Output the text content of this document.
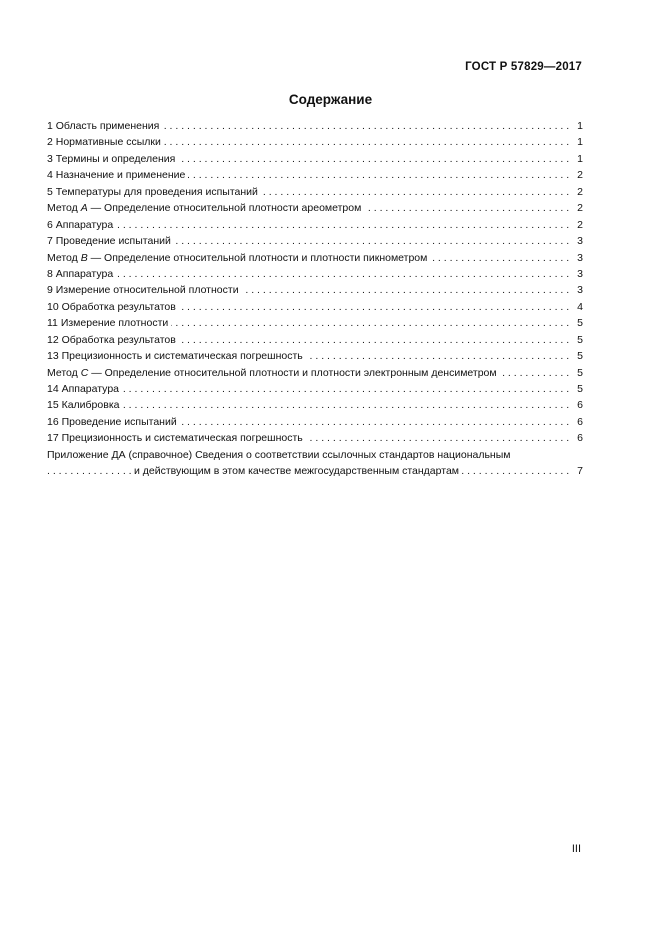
ГОСТ Р 57829—2017
Содержание
. . . 1 Область применения	1
. . . 2 Нормативные ссылки	1
. . . 3 Термины и определения	1
. . . 4 Назначение и применение	2
. . . 5 Температуры для проведения испытаний	2
. . . Метод A — Определение относительной плотности ареометром	2
. . . 6 Аппаратура	2
. . . 7 Проведение испытаний	3
. . . Метод B — Определение относительной плотности и плотности пикнометром	3
. . . 8 Аппаратура	3
. . . 9 Измерение относительной плотности	3
. . . 10 Обработка результатов	4
. . . 11 Измерение плотности	5
. . . 12 Обработка результатов	5
. . . 13 Прецизионность и систематическая погрешность	5
. . . Метод C — Определение относительной плотности и плотности электронным денсиметром	5
. . . 14 Аппаратура	5
. . . 15 Калибровка	6
. . . 16 Проведение испытаний	6
. . . 17 Прецизионность и систематическая погрешность	6
. . . Приложение ДА (справочное) Сведения о соответствии ссылочных стандартов национальным
и действующим в этом качестве межгосударственным стандартам	7
III
